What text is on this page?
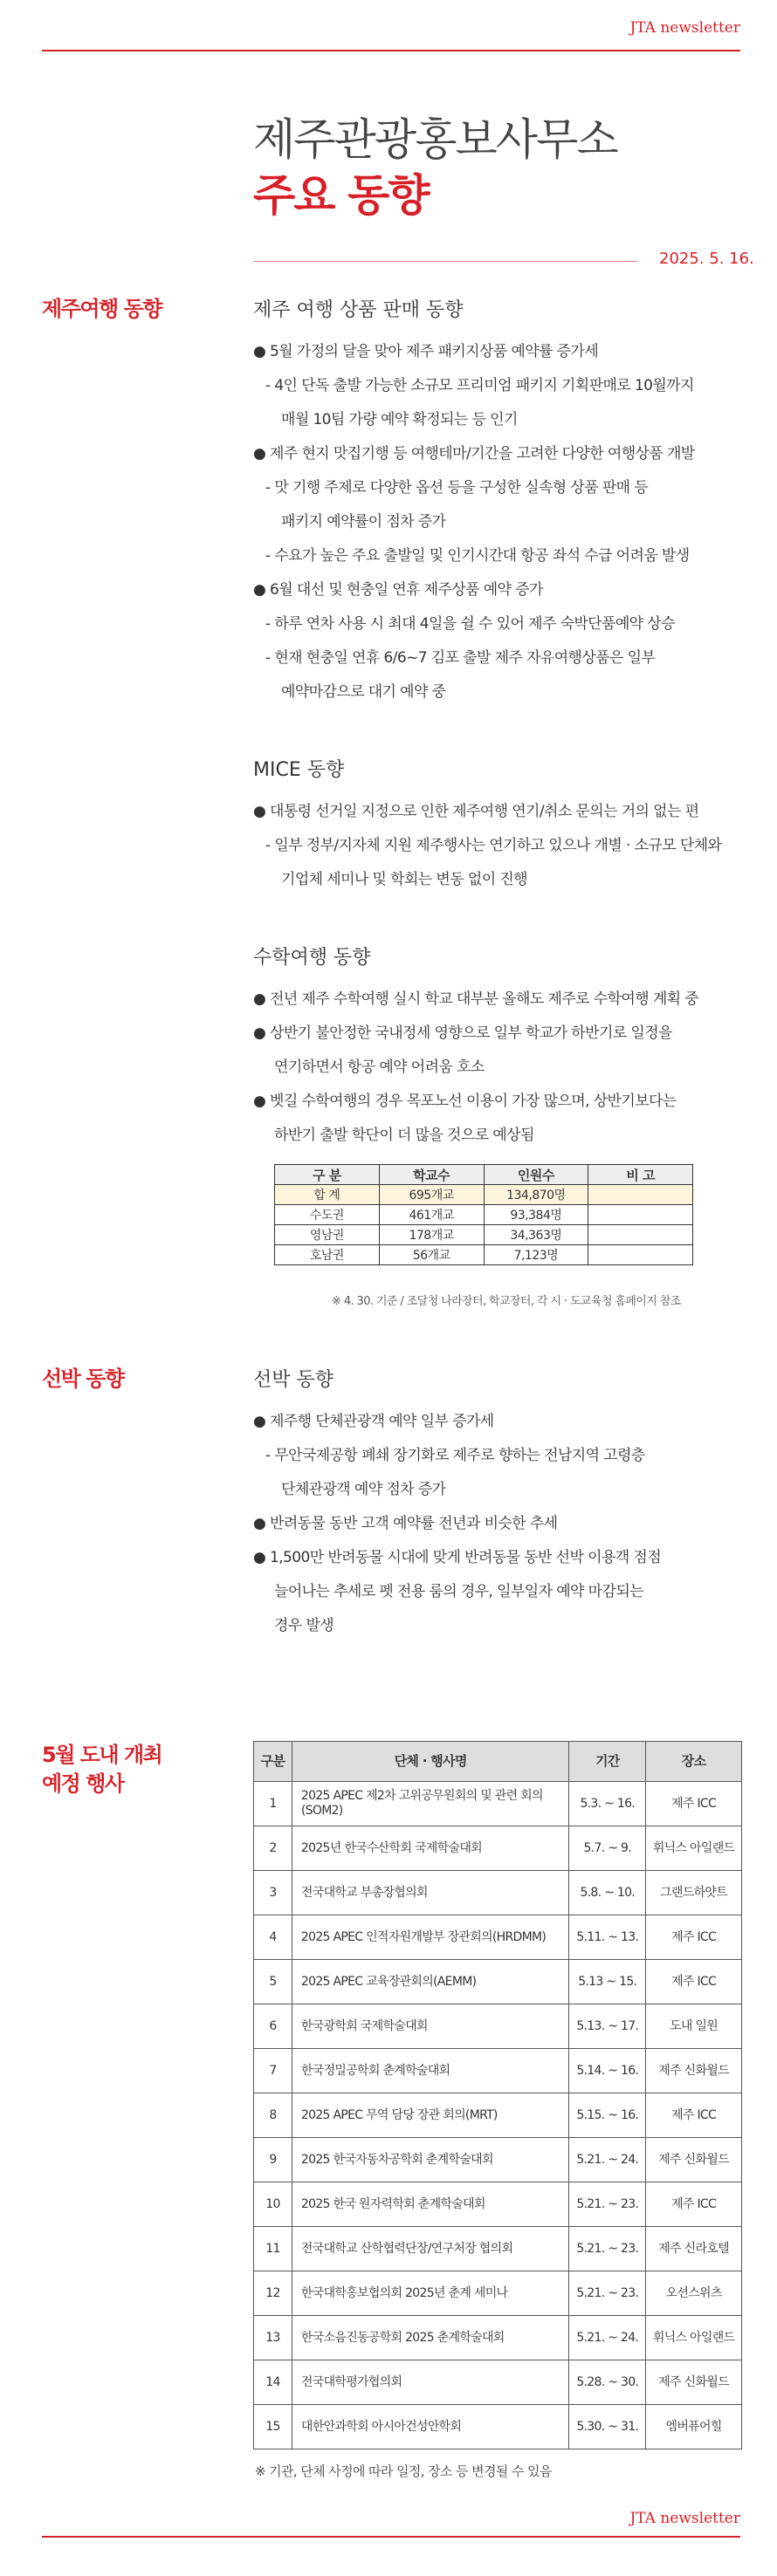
JTA newsletter
제주관광홍보사무소
주요 동향
2025. 5. 16.
제주여행 동향	제주 여행 상품 판매 동향
● 5월 가정의 달을 맞아 제주 패키지상품 예약률 증가세
- 4인 단독 출발 가능한 소규모 프리미엄 패키지 기획판매로 10월까지
매월 10팀 가량 예약 확정되는 등 인기
● 제주 현지 맛집기행 등 여행테마/기간을 고려한 다양한 여행상품 개발
- 맛 기행 주제로 다양한 옵션 등을 구성한 실속형 상품 판매 등
패키지 예약률이 점차 증가
- 수요가 높은 주요 출발일 및 인기시간대 항공 좌석 수급 어려움 발생
● 6월 대선 및 현충일 연휴 제주상품 예약 증가
- 하루 연차 사용 시 최대 4일을 쉴 수 있어 제주 숙박단품예약 상승
- 현재 현충일 연휴 6/6~7 김포 출발 제주 자유여행상품은 일부
예약마감으로 대기 예약 중
MICE 동향
● 대통령 선거일 지정으로 인한 제주여행 연기/취소 문의는 거의 없는 편
- 일부 정부/지자체 지원 제주행사는 연기하고 있으나 개별 · 소규모 단체와
기업체 세미나 및 학회는 변동 없이 진행
수학여행 동향
● 전년 제주 수학여행 실시 학교 대부분 올해도 제주로 수학여행 계획 중
● 상반기 불안정한 국내정세 영향으로 일부 학교가 하반기로 일정을
연기하면서 항공 예약 어려움 호소
● 벳길 수학여행의 경우 목포노선 이용이 가장 많으며, 상반기보다는
하반기 출발 학단이 더 많을 것으로 예상됨
구 분	학교수	인원수	비 고
합 계	695개교	134,870명	
수도권	461개교	93,384명	
영남권	178개교	34,363명	
호남권	56개교	7,123명	
※ 4. 30. 기준 / 조달청 나라장터, 학교장터, 각 시 · 도교육청 홈페이지 참조
선박 동향	선박 동향
● 제주행 단체관광객 예약 일부 증가세
- 무안국제공항 폐쇄 장기화로 제주로 향하는 전남지역 고령층
단체관광객 예약 점차 증가
● 반려동물 동반 고객 예약률 전년과 비슷한 추세
● 1,500만 반려동물 시대에 맞게 반려동물 동반 선박 이용객 점점
늘어나는 추세로 펫 전용 룸의 경우, 일부일자 예약 마감되는
경우 발생
5월 도내 개최
예정 행사
구분	단체 · 행사명	기간	장소
1	2025 APEC 제2차 고위공무원회의 및 관련 회의(SOM2)	5.3. ~ 16.	제주 ICC
2	2025년 한국수산학회 국제학술대회	5.7. ~ 9.	휘닉스 아일랜드
3	전국대학교 부총장협의회	5.8. ~ 10.	그랜드하얏트
4	2025 APEC 인적자원개발부 장관회의(HRDMM)	5.11. ~ 13.	제주 ICC
5	2025 APEC 교육장관회의(AEMM)	5.13 ~ 15.	제주 ICC
6	한국광학회 국제학술대회	5.13. ~ 17.	도내 일원
7	한국정밀공학회 춘계학술대회	5.14. ~ 16.	제주 신화월드
8	2025 APEC 무역 담당 장관 회의(MRT)	5.15. ~ 16.	제주 ICC
9	2025 한국자동차공학회 춘계학술대회	5.21. ~ 24.	제주 신화월드
10	2025 한국 원자력학회 춘계학술대회	5.21. ~ 23.	제주 ICC
11	전국대학교 산학협력단장/연구처장 협의회	5.21. ~ 23.	제주 신라호텔
12	한국대학홍보협의회 2025년 춘계 세미나	5.21. ~ 23.	오션스위츠
13	한국소음진동공학회 2025 춘계학술대회	5.21. ~ 24.	휘닉스 아일랜드
14	전국대학평가협의회	5.28. ~ 30.	제주 신화월드
15	대한안과학회 아시아건성안학회	5.30. ~ 31.	엠버퓨어힐
※ 기관, 단체 사정에 따라 일정, 장소 등 변경될 수 있음
JTA newsletter
